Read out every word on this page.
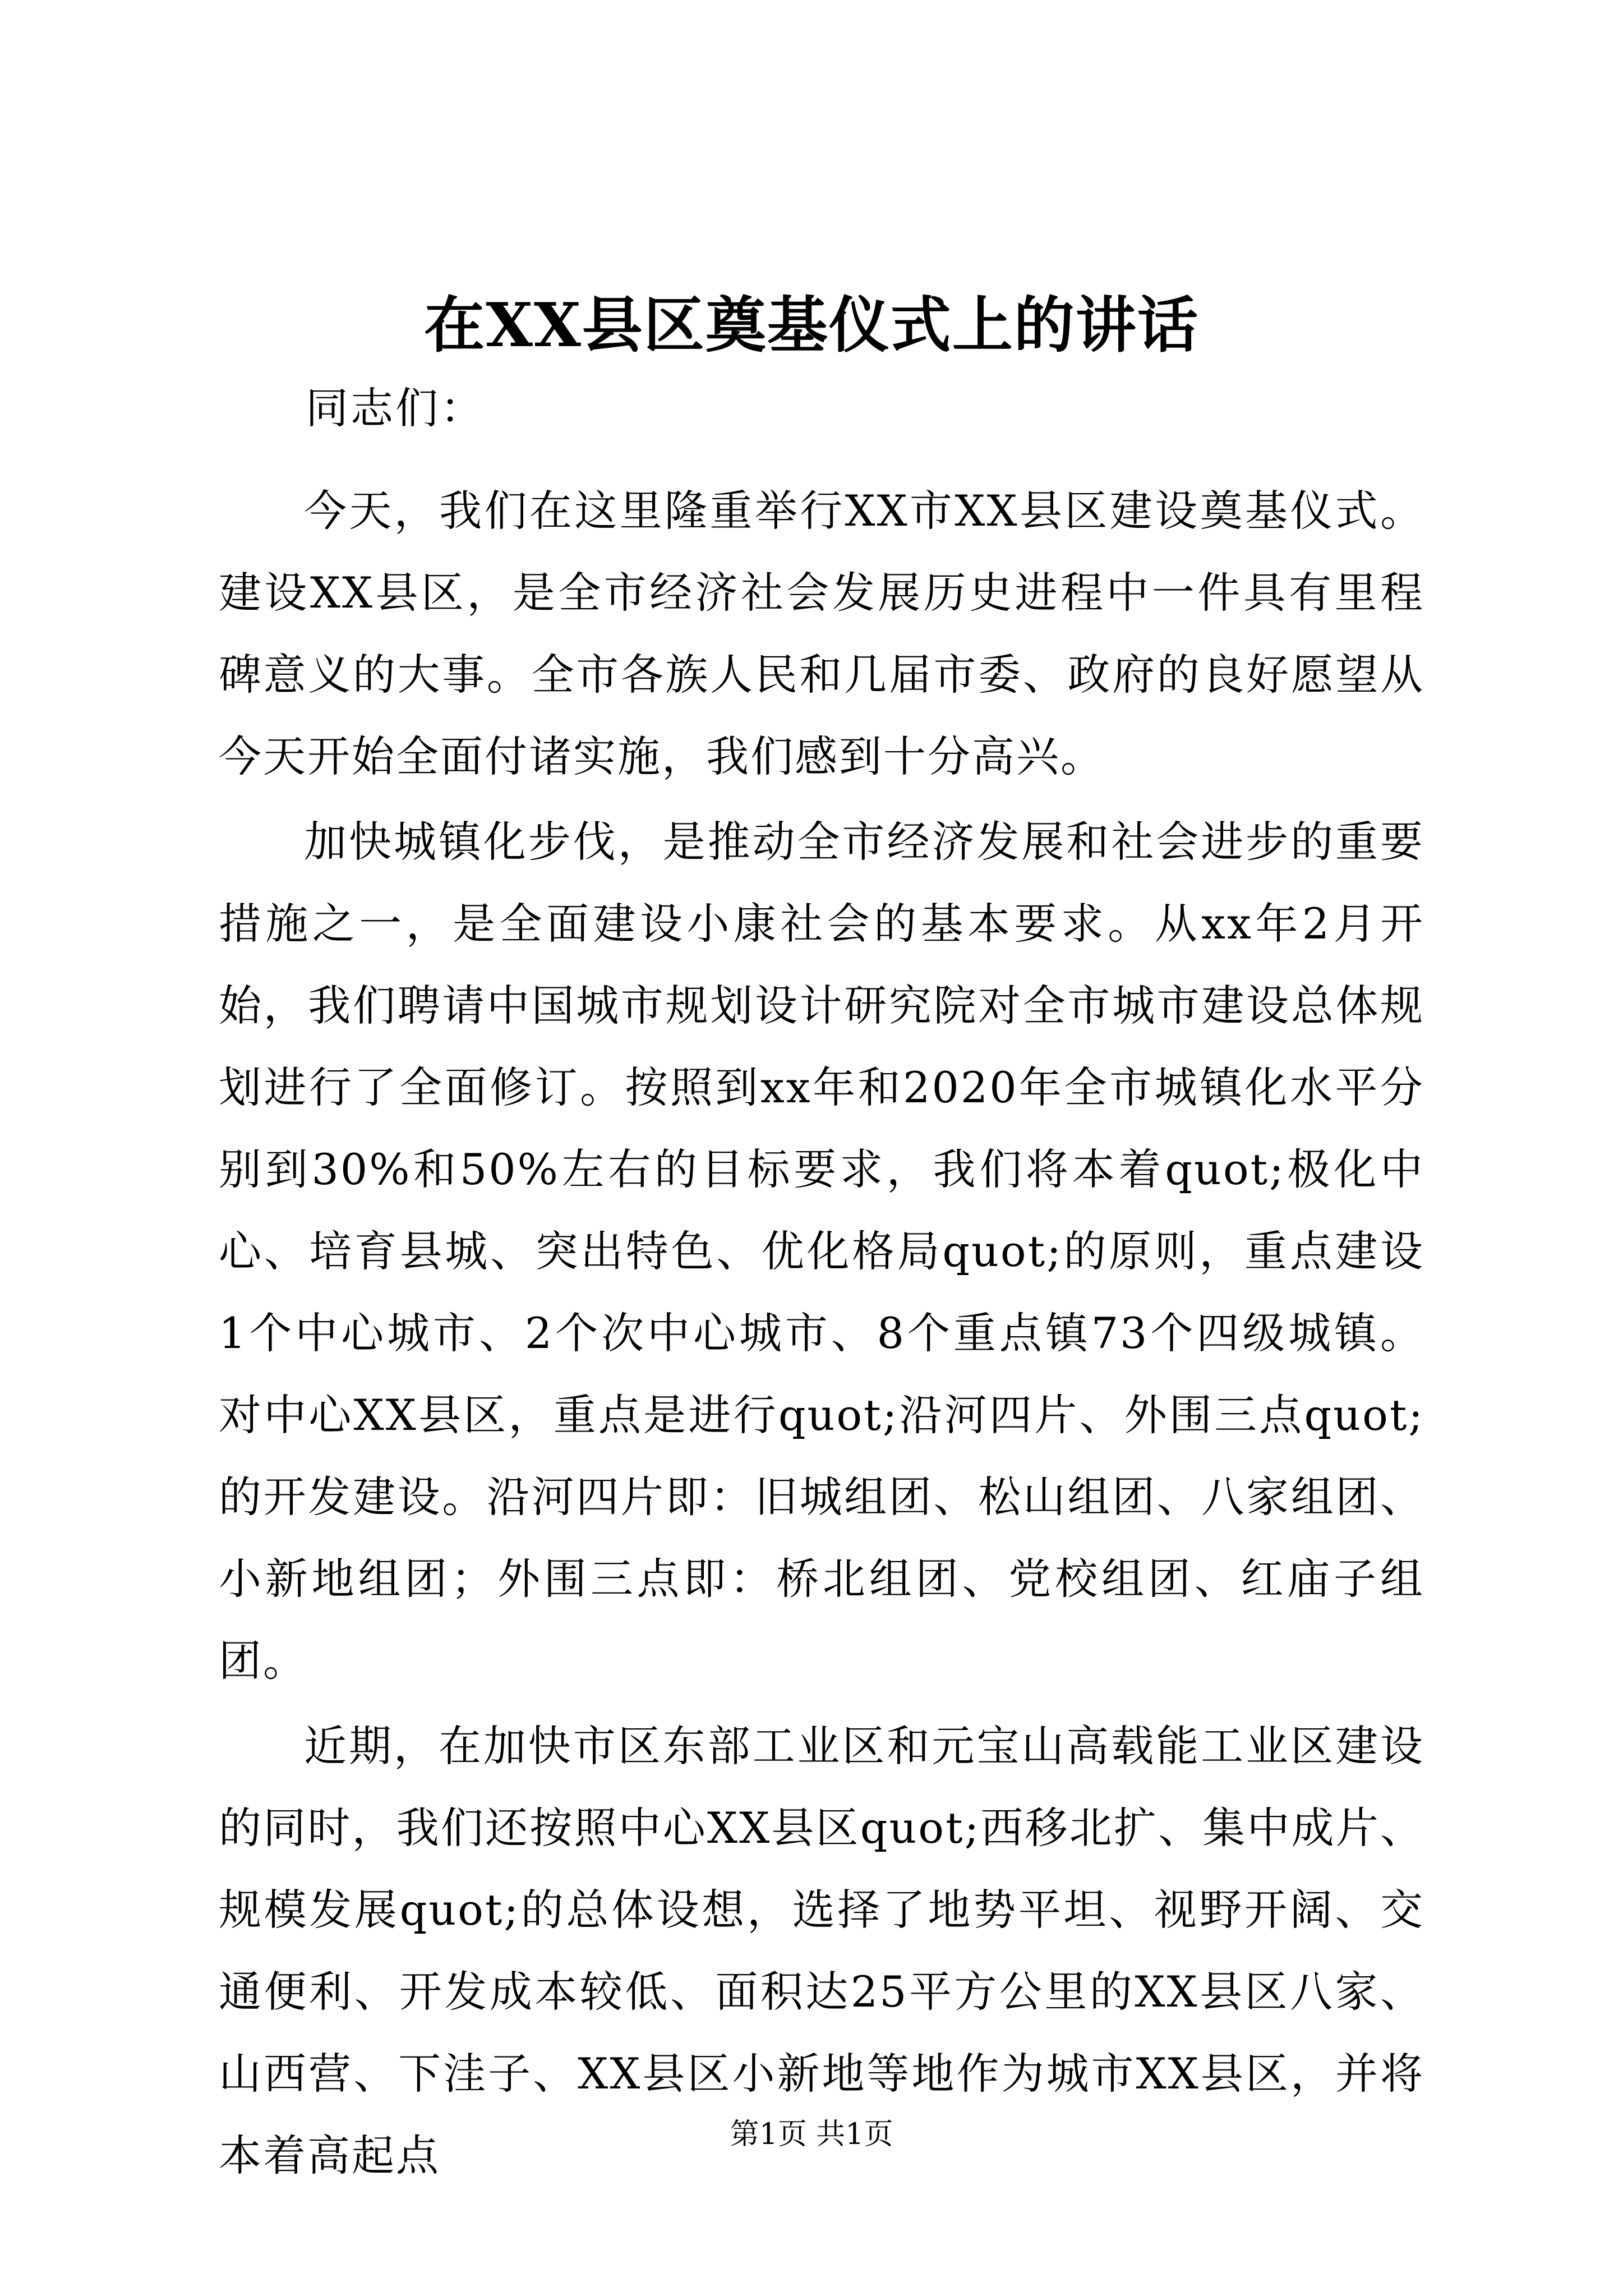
在XX县区奠基仪式上的讲话

同志们：

今天，我们在这里隆重举行XX市XX县区建设奠基仪式。建设XX县区，是全市经济社会发展历史进程中一件具有里程碑意义的大事。全市各族人民和几届市委、政府的良好愿望从今天开始全面付诸实施，我们感到十分高兴。

加快城镇化步伐，是推动全市经济发展和社会进步的重要措施之一，是全面建设小康社会的基本要求。从xx年2月开始，我们聘请中国城市规划设计研究院对全市城市建设总体规划进行了全面修订。按照到xx年和2020年全市城镇化水平分别到30%和50%左右的目标要求，我们将本着quot;极化中心、培育县城、突出特色、优化格局quot;的原则，重点建设1个中心城市、2个次中心城市、8个重点镇73个四级城镇。对中心XX县区，重点是进行quot;沿河四片、外围三点quot;的开发建设。沿河四片即：旧城组团、松山组团、八家组团、小新地组团；外围三点即：桥北组团、党校组团、红庙子组团。

近期，在加快市区东部工业区和元宝山高载能工业区建设的同时，我们还按照中心XX县区quot;西移北扩、集中成片、规模发展quot;的总体设想，选择了地势平坦、视野开阔、交通便利、开发成本较低、面积达25平方公里的XX县区八家、山西营、下洼子、XX县区小新地等地作为城市XX县区，并将本着高起点	第1页 共1页
